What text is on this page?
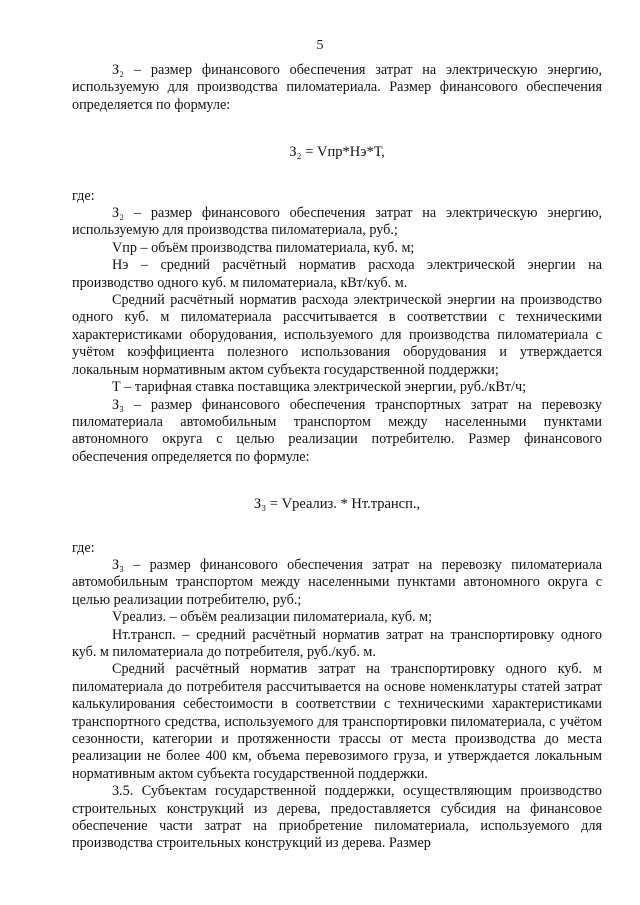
5

З₂ – размер финансового обеспечения затрат на электрическую энергию, используемую для производства пиломатериала. Размер финансового обеспечения определяется по формуле:

З₂ = Vпр*Нэ*Т,

где:

З₂ – размер финансового обеспечения затрат на электрическую энергию, используемую для производства пиломатериала, руб.;

Vпр – объём производства пиломатериала, куб. м;

Нэ – средний расчётный норматив расхода электрической энергии на производство одного куб. м пиломатериала, кВт/куб. м.

Средний расчётный норматив расхода электрической энергии на производство одного куб. м пиломатериала рассчитывается в соответствии с техническими характеристиками оборудования, используемого для производства пиломатериала с учётом коэффициента полезного использования оборудования и утверждается локальным нормативным актом субъекта государственной поддержки;

Т – тарифная ставка поставщика электрической энергии, руб./кВт/ч;

З₃ – размер финансового обеспечения транспортных затрат на перевозку пиломатериала автомобильным транспортом между населенными пунктами автономного округа с целью реализации потребителю. Размер финансового обеспечения определяется по формуле:

З₃ = Vреализ. * Нт.трансп.,

где:

З₃ – размер финансового обеспечения затрат на перевозку пиломатериала автомобильным транспортом между населенными пунктами автономного округа с целью реализации потребителю, руб.;

Vреализ. – объём реализации пиломатериала, куб. м;

Нт.трансп. – средний расчётный норматив затрат на транспортировку одного куб. м пиломатериала до потребителя, руб./куб. м.

Средний расчётный норматив затрат на транспортировку одного куб. м пиломатериала до потребителя рассчитывается на основе номенклатуры статей затрат калькулирования себестоимости в соответствии с техническими характеристиками транспортного средства, используемого для транспортировки пиломатериала, с учётом сезонности, категории и протяженности трассы от места производства до места реализации не более 400 км, объема перевозимого груза, и утверждается локальным нормативным актом субъекта государственной поддержки.

3.5. Субъектам государственной поддержки, осуществляющим производство строительных конструкций из дерева, предоставляется субсидия на финансовое обеспечение части затрат на приобретение пиломатериала, используемого для производства строительных конструкций из дерева. Размер
